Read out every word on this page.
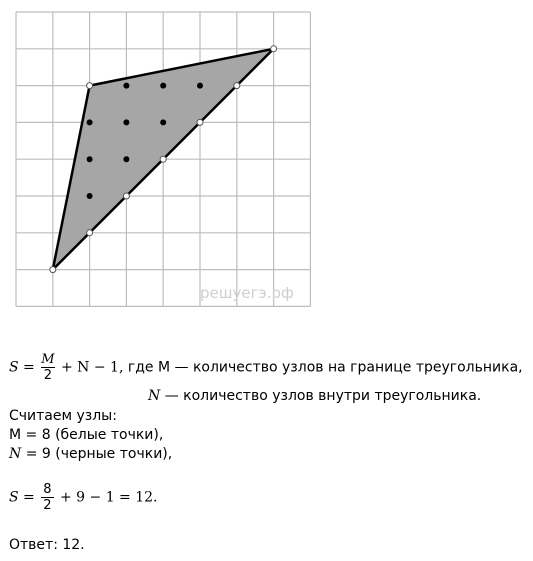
решуегэ.рф
$S = \frac{M}{2} + N - 1$, где М — количество узлов на границе треугольника,
N — количество узлов внутри треугольника.
Считаем узлы:
М = 8 (белые точки),
N = 9 (черные точки),
$S = \frac{8}{2} + 9 - 1 = 12$.
Ответ: 12.
